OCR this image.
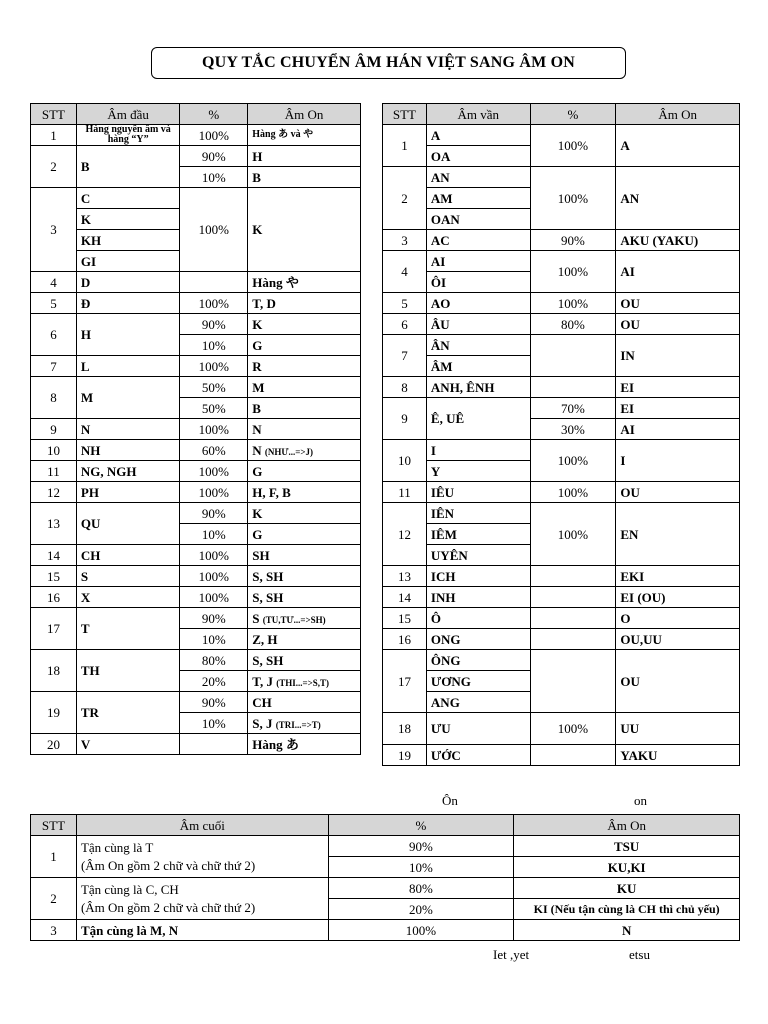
QUY TẮC CHUYỂN ÂM HÁN VIỆT SANG ÂM ON
STT	Âm đầu	%	Âm On
1	Hàng nguyên âm và hàng “Y”	100%	Hàng あ và や
2	B	90%	H
		10%	B
3	C	100%	K
	K		
	KH		
	GI		
4	D		Hàng や
5	Đ	100%	T, D
6	H	90%	K
		10%	G
7	L	100%	R
8	M	50%	M
		50%	B
9	N	100%	N
10	NH	60%	N (NHƯ...=>J)
11	NG, NGH	100%	G
12	PH	100%	H, F, B
13	QU	90%	K
		10%	G
14	CH	100%	SH
15	S	100%	S, SH
16	X	100%	S, SH
17	T	90%	S (TU,TƯ...=>SH)
		10%	Z, H
18	TH	80%	S, SH
		20%	T, J (THI...=>S,T)
19	TR	90%	CH
		10%	S, J (TRI...=>T)
20	V		Hàng あ
STT	Âm vần	%	Âm On
1	A	100%	A
	OA		
2	AN	100%	AN
	AM		
	OAN		
3	AC	90%	AKU (YAKU)
4	AI	100%	AI
	ÔI		
5	AO	100%	OU
6	ÂU	80%	OU
7	ÂN		IN
	ÂM		
8	ANH, ÊNH		EI
9	Ê, UÊ	70%	EI
		30%	AI
10	I	100%	I
	Y		
11	IÊU	100%	OU
12	IÊN	100%	EN
	IÊM		
	UYÊN		
13	ICH		EKI
14	INH		EI (OU)
15	Ô		O
16	ONG		OU,UU
17	ÔNG		OU
	ƯƠNG		
	ANG		
18	ƯU	100%	UU
19	ƯỚC		YAKU
Ôn	on
STT	Âm cuối	%	Âm On
1	Tận cùng là T
(Âm On gồm 2 chữ và chữ thứ 2)	90%	TSU
		10%	KU,KI
2	Tận cùng là C, CH
(Âm On gồm 2 chữ và chữ thứ 2)	80%	KU
		20%	KI (Nếu tận cùng là CH thì chủ yếu)
3	Tận cùng là M, N	100%	N
Iet ,yet	etsu
